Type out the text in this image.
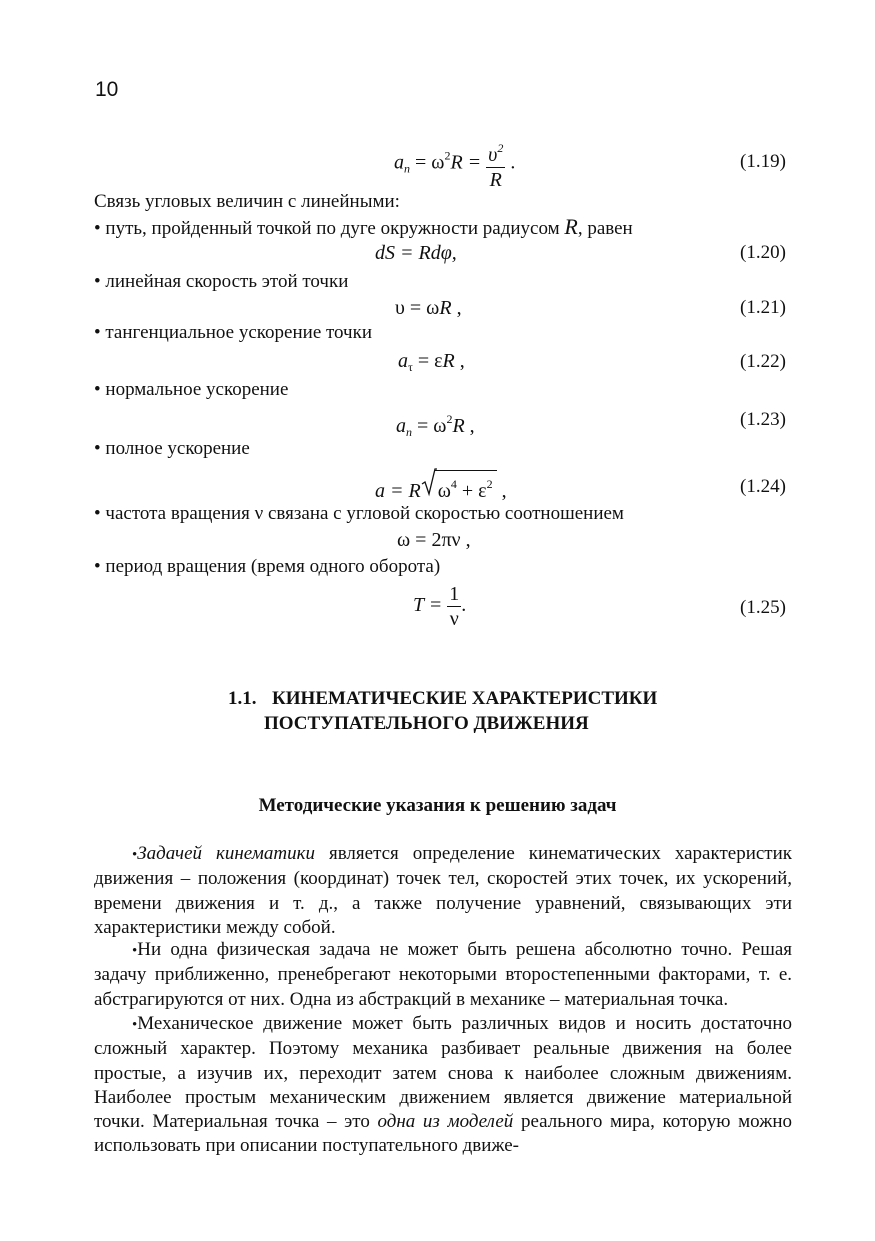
10
$a_n = \omega^2R = \frac{\upsilon^2}{R}$ .	(1.19)
Связь угловых величин с линейными:
• путь, пройденный точкой по дуге окружности радиусом R, равен
dS = Rdφ,	(1.20)
• линейная скорость этой точки
υ = ωR ,	(1.21)
• тангенциальное ускорение точки
$a_\tau = \varepsilon R$ ,	(1.22)
• нормальное ускорение
$a_n = \omega^2R$ ,	(1.23)
• полное ускорение
a = R $\omega^4 + \varepsilon^2$ ,	(1.24)
• частота вращения ν связана с угловой скоростью соотношением
ω = 2πν ,
• период вращения (время одного оборота)
$T = \frac{1}{\nu}$ .	(1.25)
1.1. КИНЕМАТИЧЕСКИЕ ХАРАКТЕРИСТИКИ
ПОСТУПАТЕЛЬНОГО ДВИЖЕНИЯ
Методические указания к решению задач
•Задачей кинематики является определение кинематических характеристик движения – положения (координат) точек тел, скоростей этих точек, их ускорений, времени движения и т. д., а также получение уравнений, связывающих эти характеристики между собой.
•Ни одна физическая задача не может быть решена абсолютно точно. Решая задачу приближенно, пренебрегают некоторыми второстепенными факторами, т. е. абстрагируются от них. Одна из абстракций в механике – материальная точка.
•Механическое движение может быть различных видов и носить достаточно сложный характер. Поэтому механика разбивает реальные движения на более простые, а изучив их, переходит затем снова к наиболее сложным движениям. Наиболее простым механическим движением является движение материальной точки. Материальная точка – это одна из моделей реального мира, которую можно использовать при описании поступательного движе-
